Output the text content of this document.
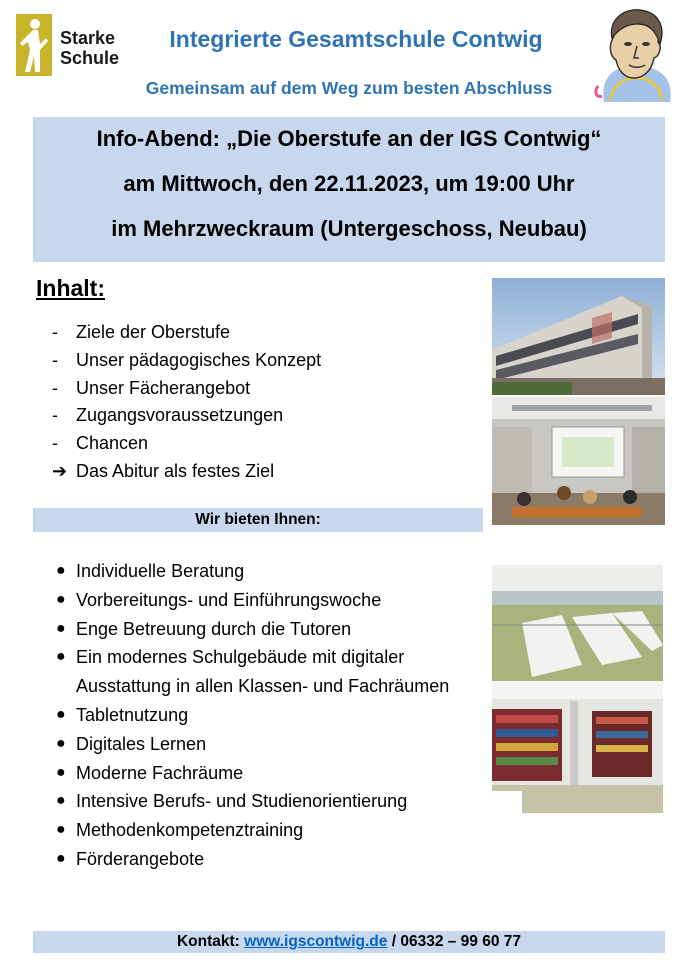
Starke
Schule
Integrierte Gesamtschule Contwig
Gemeinsam auf dem Weg zum besten Abschluss
Info-Abend: „Die Oberstufe an der IGS Contwig“
am Mittwoch, den 22.11.2023, um 19:00 Uhr
im Mehrzweckraum (Untergeschoss, Neubau)
Inhalt:
-	Ziele der Oberstufe
-	Unser pädagogisches Konzept
-	Unser Fächerangebot
-	Zugangsvoraussetzungen
-	Chancen
➔ Das Abitur als festes Ziel
Wir bieten Ihnen:
● Individuelle Beratung
● Vorbereitungs- und Einführungswoche
● Enge Betreuung durch die Tutoren
● Ein modernes Schulgebäude mit digitaler Ausstattung in allen Klassen- und Fachräumen
● Tabletnutzung
● Digitales Lernen
● Moderne Fachräume
● Intensive Berufs- und Studienorientierung
● Methodenkompetenztraining
● Förderangebote
Kontakt: www.igscontwig.de / 06332 – 99 60 77
